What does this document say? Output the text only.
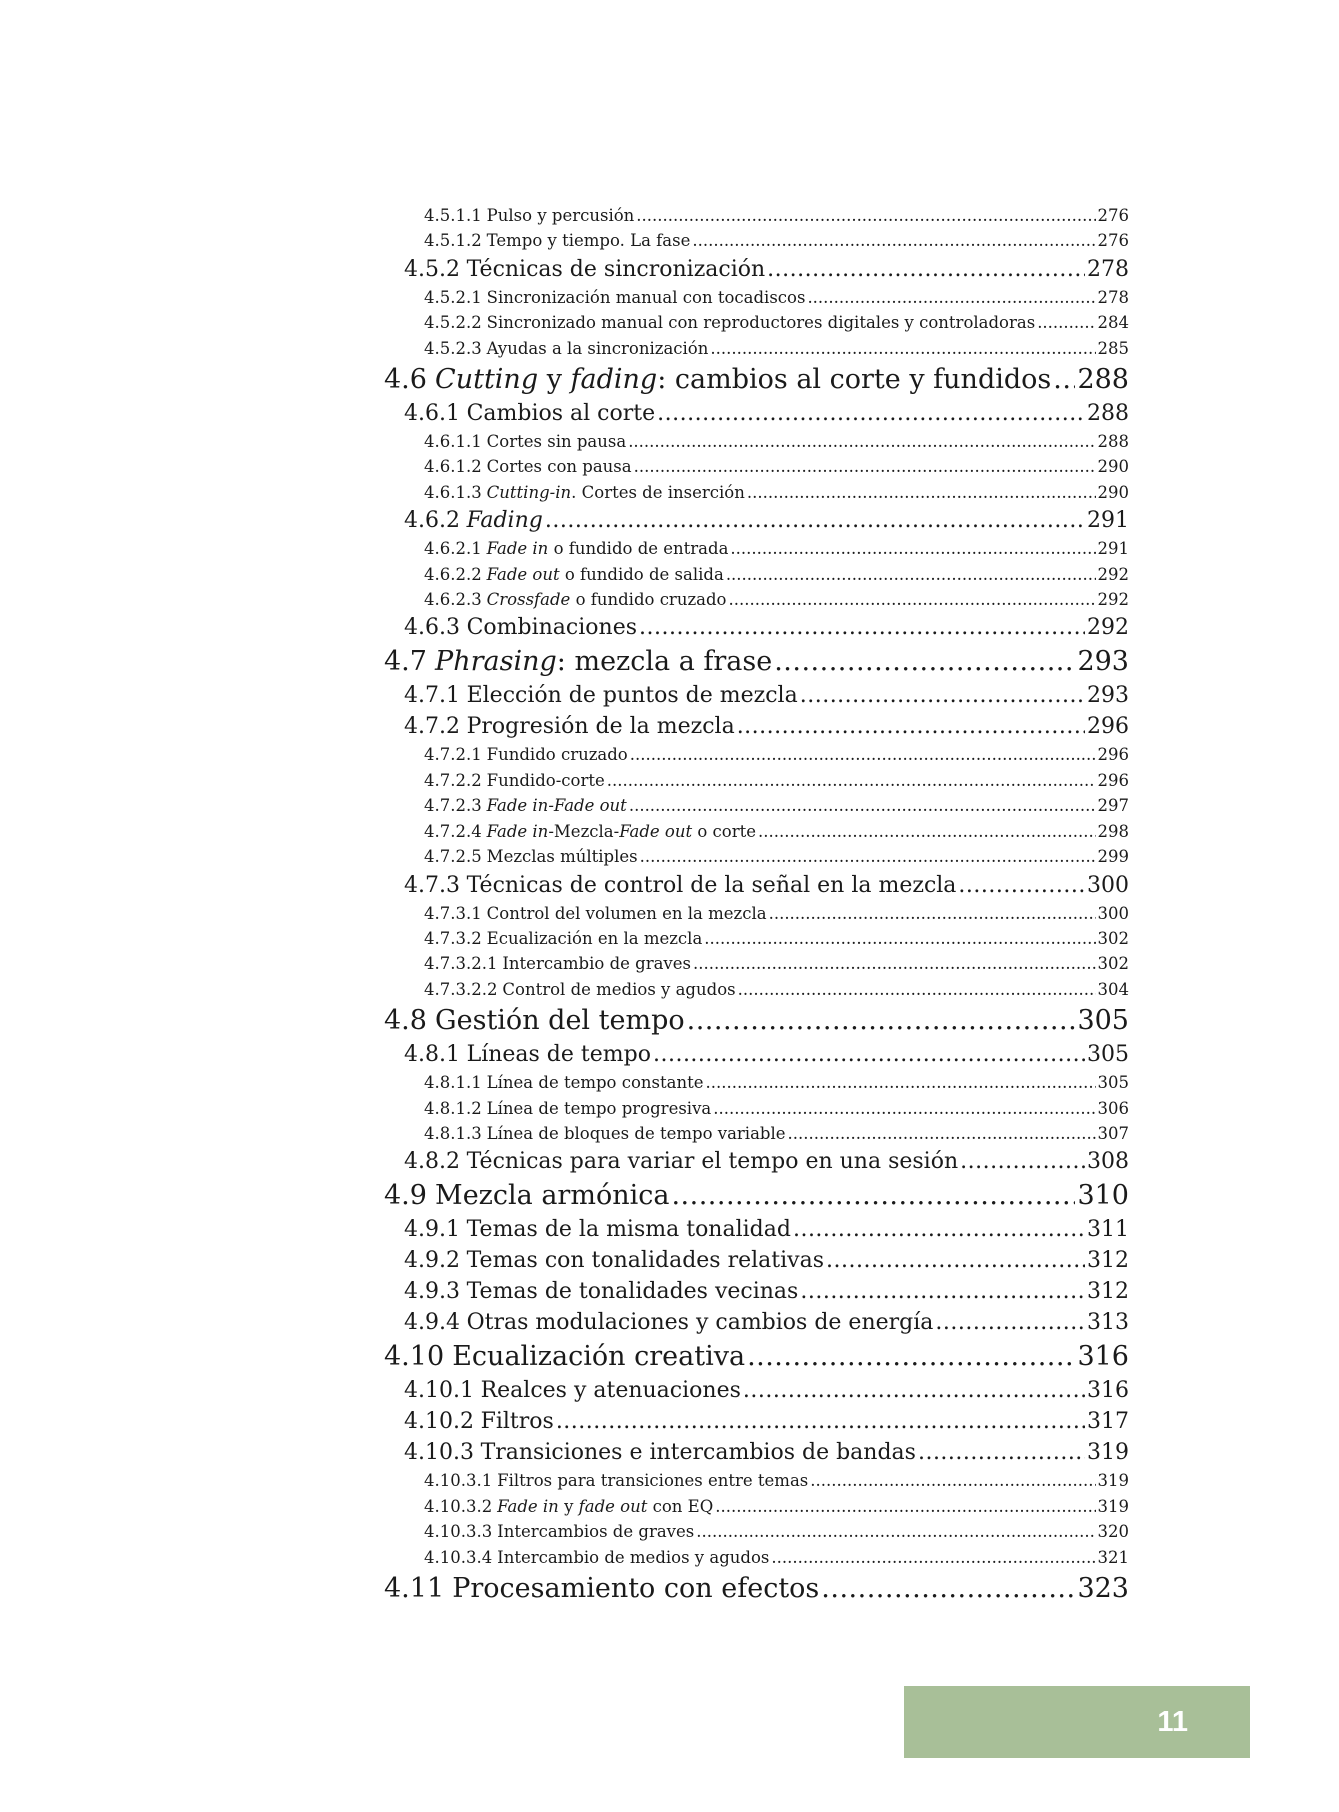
4.5.1.1 Pulso y percusión .....	276
4.5.1.2 Tempo y tiempo. La fase .....	276
4.5.2 Técnicas de sincronización .....	278
4.5.2.1 Sincronización manual con tocadiscos .....	278
4.5.2.2 Sincronizado manual con reproductores digitales y controladoras .....	284
4.5.2.3 Ayudas a la sincronización .....	285
4.6 Cutting y fading: cambios al corte y fundidos ..... 288
4.6.1 Cambios al corte .....	288
4.6.1.1 Cortes sin pausa .....	288
4.6.1.2 Cortes con pausa .....	290
4.6.1.3 Cutting-in. Cortes de inserción .....	290
4.6.2 Fading .....	291
4.6.2.1 Fade in o fundido de entrada .....	291
4.6.2.2 Fade out o fundido de salida .....	292
4.6.2.3 Crossfade o fundido cruzado .....	292
4.6.3 Combinaciones .....	292
4.7 Phrasing: mezcla a frase .....	293
4.7.1 Elección de puntos de mezcla .....	293
4.7.2 Progresión de la mezcla .....	296
4.7.2.1 Fundido cruzado .....	296
4.7.2.2 Fundido-corte .....	296
4.7.2.3 Fade in-Fade out .....	297
4.7.2.4 Fade in-Mezcla-Fade out o corte .....	298
4.7.2.5 Mezclas múltiples .....	299
4.7.3 Técnicas de control de la señal en la mezcla .....	300
4.7.3.1 Control del volumen en la mezcla .....	300
4.7.3.2 Ecualización en la mezcla .....	302
4.7.3.2.1 Intercambio de graves .....	302
4.7.3.2.2 Control de medios y agudos .....	304
4.8 Gestión del tempo .....	305
4.8.1 Líneas de tempo .....	305
4.8.1.1 Línea de tempo constante .....	305
4.8.1.2 Línea de tempo progresiva .....	306
4.8.1.3 Línea de bloques de tempo variable .....	307
4.8.2 Técnicas para variar el tempo en una sesión .....	308
4.9 Mezcla armónica .....	310
4.9.1 Temas de la misma tonalidad .....	311
4.9.2 Temas con tonalidades relativas .....	312
4.9.3 Temas de tonalidades vecinas .....	312
4.9.4 Otras modulaciones y cambios de energía .....	313
4.10 Ecualización creativa .....	316
4.10.1 Realces y atenuaciones .....	316
4.10.2 Filtros .....	317
4.10.3 Transiciones e intercambios de bandas .....	319
4.10.3.1 Filtros para transiciones entre temas .....	319
4.10.3.2 Fade in y fade out con EQ .....	319
4.10.3.3 Intercambios de graves .....	320
4.10.3.4 Intercambio de medios y agudos .....	321
4.11 Procesamiento con efectos .....	323
11
